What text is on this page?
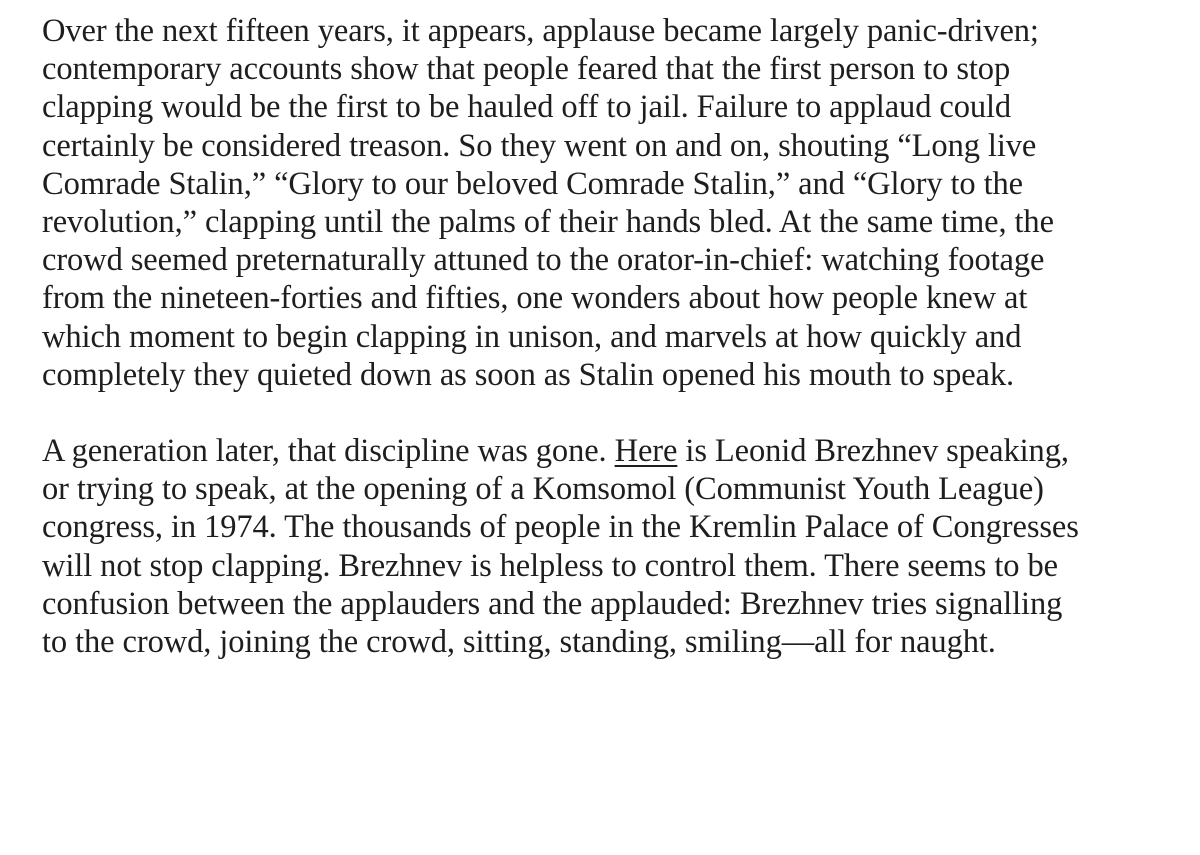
Over the next fifteen years, it appears, applause became largely panic-driven;
contemporary accounts show that people feared that the first person to stop
clapping would be the first to be hauled off to jail. Failure to applaud could
certainly be considered treason. So they went on and on, shouting “Long live
Comrade Stalin,” “Glory to our beloved Comrade Stalin,” and “Glory to the
revolution,” clapping until the palms of their hands bled. At the same time, the
crowd seemed preternaturally attuned to the orator-in-chief: watching footage
from the nineteen-forties and fifties, one wonders about how people knew at
which moment to begin clapping in unison, and marvels at how quickly and
completely they quieted down as soon as Stalin opened his mouth to speak.

A generation later, that discipline was gone. Here is Leonid Brezhnev speaking,
or trying to speak, at the opening of a Komsomol (Communist Youth League)
congress, in 1974. The thousands of people in the Kremlin Palace of Congresses
will not stop clapping. Brezhnev is helpless to control them. There seems to be
confusion between the applauders and the applauded: Brezhnev tries signalling
to the crowd, joining the crowd, sitting, standing, smiling—all for naught.
